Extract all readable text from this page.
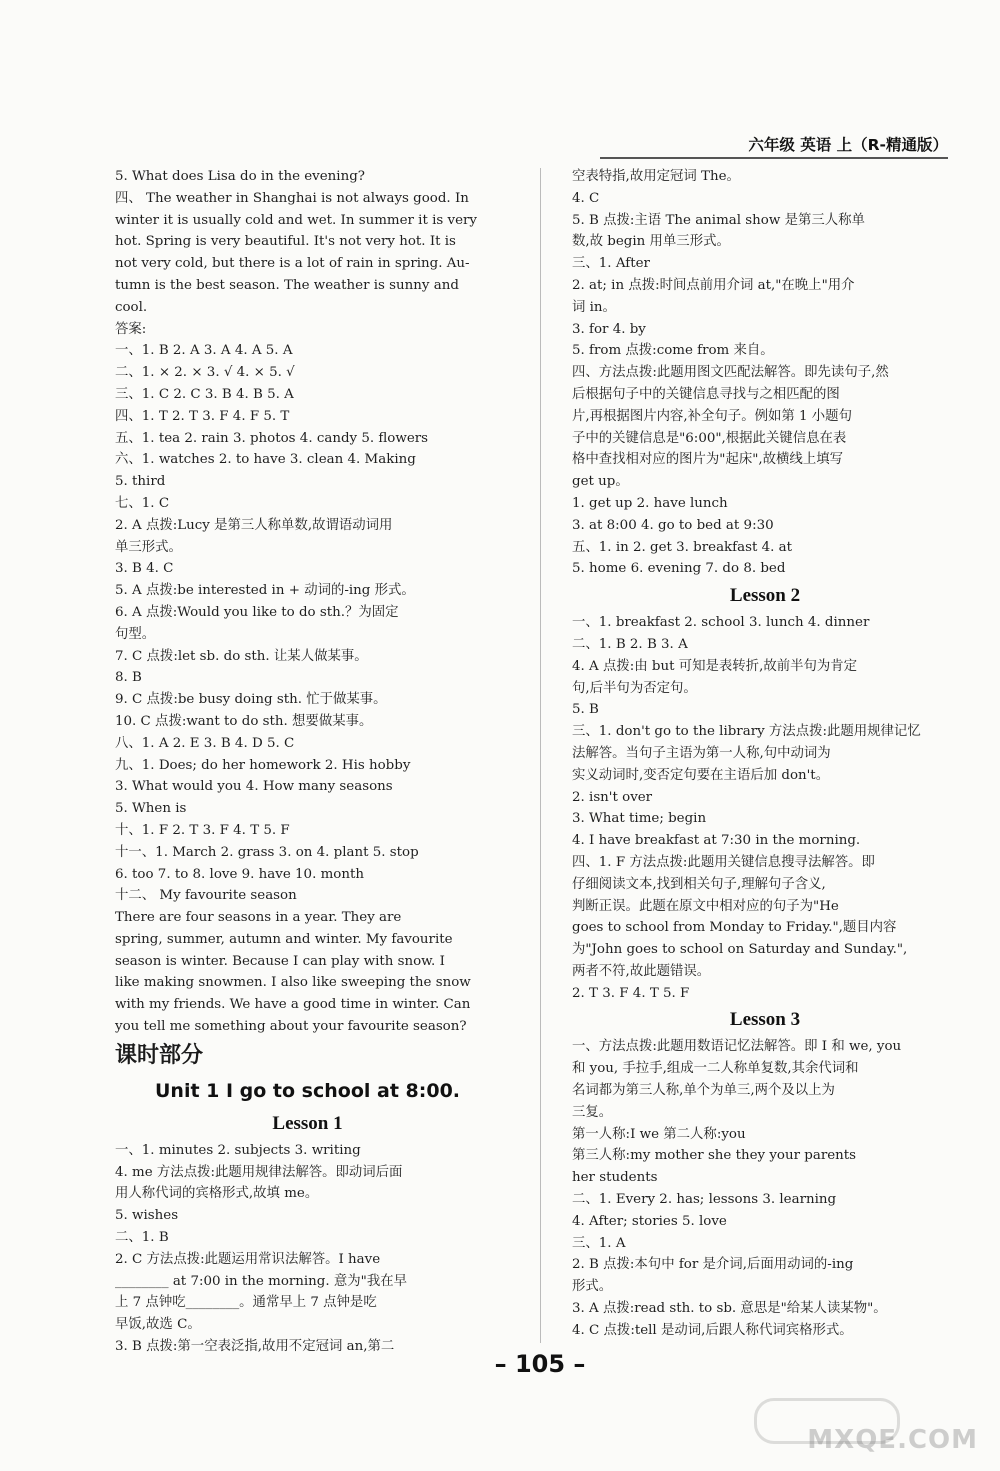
六年级 英语 上（R-精通版）
5. What does Lisa do in the evening?
四、 The weather in Shanghai is not always good. In
winter it is usually cold and wet. In summer it is very
hot. Spring is very beautiful. It's not very hot. It is
not very cold, but there is a lot of rain in spring. Au-
tumn is the best season. The weather is sunny and
cool.
答案:
一、1. B 2. A 3. A 4. A 5. A
二、1. × 2. × 3. √ 4. × 5. √
三、1. C 2. C 3. B 4. B 5. A
四、1. T 2. T 3. F 4. F 5. T
五、1. tea 2. rain 3. photos 4. candy 5. flowers
六、1. watches 2. to have 3. clean 4. Making
5. third
七、1. C
2. A 点拨:Lucy 是第三人称单数,故谓语动词用
单三形式。
3. B 4. C
5. A 点拨:be interested in + 动词的-ing 形式。
6. A 点拨:Would you like to do sth.？为固定
句型。
7. C 点拨:let sb. do sth. 让某人做某事。
8. B
9. C 点拨:be busy doing sth. 忙于做某事。
10. C 点拨:want to do sth. 想要做某事。
八、1. A 2. E 3. B 4. D 5. C
九、1. Does; do her homework 2. His hobby
3. What would you 4. How many seasons
5. When is
十、1. F 2. T 3. F 4. T 5. F
十一、1. March 2. grass 3. on 4. plant 5. stop
6. too 7. to 8. love 9. have 10. month
十二、 My favourite season
There are four seasons in a year. They are
spring, summer, autumn and winter. My favourite
season is winter. Because I can play with snow. I
like making snowmen. I also like sweeping the snow
with my friends. We have a good time in winter. Can
you tell me something about your favourite season?
课时部分
Unit 1 I go to school at 8:00.
Lesson 1
一、1. minutes 2. subjects 3. writing
4. me 方法点拨:此题用规律法解答。即动词后面
用人称代词的宾格形式,故填 me。
5. wishes
二、1. B
2. C 方法点拨:此题运用常识法解答。I have
________ at 7:00 in the morning. 意为"我在早
上 7 点钟吃________。通常早上 7 点钟是吃
早饭,故选 C。
3. B 点拨:第一空表泛指,故用不定冠词 an,第二
空表特指,故用定冠词 The。
4. C
5. B 点拨:主语 The animal show 是第三人称单
数,故 begin 用单三形式。
三、1. After
2. at; in 点拨:时间点前用介词 at,"在晚上"用介
词 in。
3. for 4. by
5. from 点拨:come from 来自。
四、方法点拨:此题用图文匹配法解答。即先读句子,然
后根据句子中的关键信息寻找与之相匹配的图
片,再根据图片内容,补全句子。例如第 1 小题句
子中的关键信息是"6:00",根据此关键信息在表
格中查找相对应的图片为"起床",故横线上填写
get up。
1. get up 2. have lunch
3. at 8:00 4. go to bed at 9:30
五、1. in 2. get 3. breakfast 4. at
5. home 6. evening 7. do 8. bed
Lesson 2
一、1. breakfast 2. school 3. lunch 4. dinner
二、1. B 2. B 3. A
4. A 点拨:由 but 可知是表转折,故前半句为肯定
句,后半句为否定句。
5. B
三、1. don't go to the library 方法点拨:此题用规律记忆
法解答。当句子主语为第一人称,句中动词为
实义动词时,变否定句要在主语后加 don't。
2. isn't over
3. What time; begin
4. I have breakfast at 7:30 in the morning.
四、1. F 方法点拨:此题用关键信息搜寻法解答。即
仔细阅读文本,找到相关句子,理解句子含义,
判断正误。此题在原文中相对应的句子为"He
goes to school from Monday to Friday.",题目内容
为"John goes to school on Saturday and Sunday.",
两者不符,故此题错误。
2. T 3. F 4. T 5. F
Lesson 3
一、方法点拨:此题用数语记忆法解答。即 I 和 we, you
和 you, 手拉手,组成一二人称单复数,其余代词和
名词都为第三人称,单个为单三,两个及以上为
三复。
第一人称:I we 第二人称:you
第三人称:my mother she they your parents
her students
二、1. Every 2. has; lessons 3. learning
4. After; stories 5. love
三、1. A
2. B 点拨:本句中 for 是介词,后面用动词的-ing
形式。
3. A 点拨:read sth. to sb. 意思是"给某人读某物"。
4. C 点拨:tell 是动词,后跟人称代词宾格形式。
– 105 –
MXQE.COM
